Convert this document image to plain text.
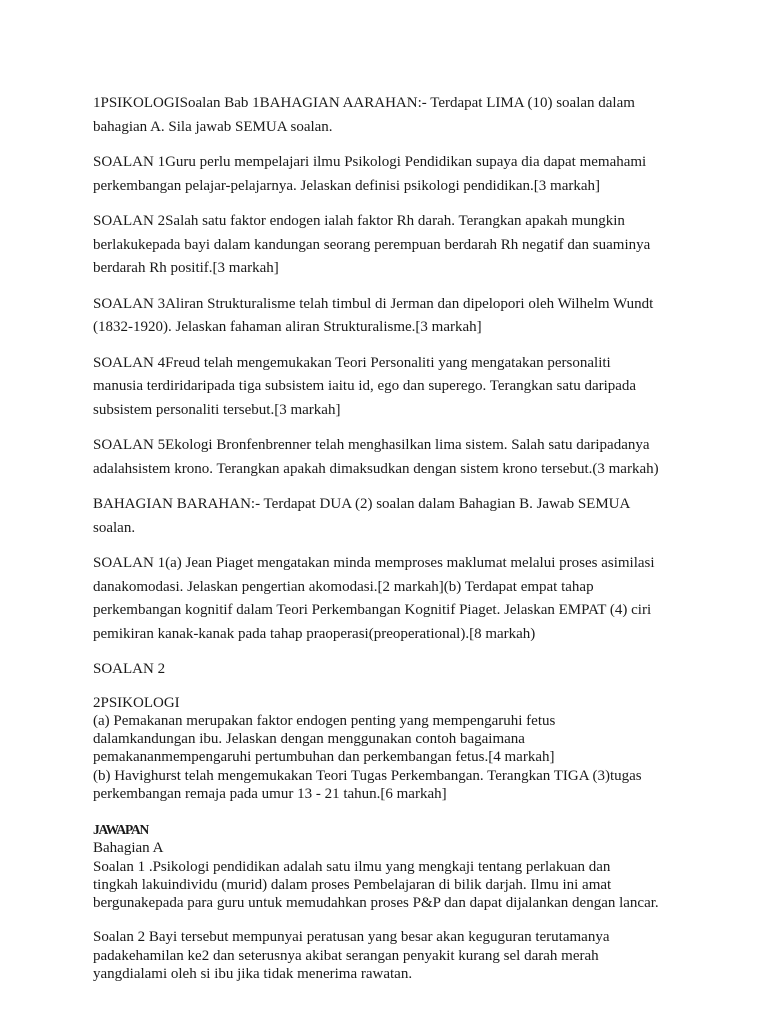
1PSIKOLOGISoalan Bab 1BAHAGIAN AARAHAN:- Terdapat LIMA (10) soalan dalam
bahagian A. Sila jawab SEMUA soalan.
SOALAN 1Guru perlu mempelajari ilmu Psikologi Pendidikan supaya dia dapat memahami
perkembangan pelajar-pelajarnya. Jelaskan definisi psikologi pendidikan.[3 markah]
SOALAN 2Salah satu faktor endogen ialah faktor Rh darah. Terangkan apakah mungkin
berlakukepada bayi dalam kandungan seorang perempuan berdarah Rh negatif dan suaminya
berdarah Rh positif.[3 markah]
SOALAN 3Aliran Strukturalisme telah timbul di Jerman dan dipelopori oleh Wilhelm Wundt
(1832-1920). Jelaskan fahaman aliran Strukturalisme.[3 markah]
SOALAN 4Freud telah mengemukakan Teori Personaliti yang mengatakan personaliti
manusia terdiridaripada tiga subsistem iaitu id, ego dan superego. Terangkan satu daripada
subsistem personaliti tersebut.[3 markah]
SOALAN 5Ekologi Bronfenbrenner telah menghasilkan lima sistem. Salah satu daripadanya
adalahsistem krono. Terangkan apakah dimaksudkan dengan sistem krono tersebut.(3 markah)
BAHAGIAN BARAHAN:- Terdapat DUA (2) soalan dalam Bahagian B. Jawab SEMUA
soalan.
SOALAN 1(a) Jean Piaget mengatakan minda memproses maklumat melalui proses asimilasi
danakomodasi. Jelaskan pengertian akomodasi.[2 markah](b) Terdapat empat tahap
perkembangan kognitif dalam Teori Perkembangan Kognitif Piaget. Jelaskan EMPAT (4) ciri
pemikiran kanak-kanak pada tahap praoperasi(preoperational).[8 markah)
SOALAN 2
2PSIKOLOGI
(a) Pemakanan merupakan faktor endogen penting yang mempengaruhi fetus
dalamkandungan ibu. Jelaskan dengan menggunakan contoh bagaimana
pemakananmempengaruhi pertumbuhan dan perkembangan fetus.[4 markah]
(b) Havighurst telah mengemukakan Teori Tugas Perkembangan. Terangkan TIGA (3)tugas
perkembangan remaja pada umur 13 - 21 tahun.[6 markah]
JAWAPAN
Bahagian A
Soalan 1 .Psikologi pendidikan adalah satu ilmu yang mengkaji tentang perlakuan dan
tingkah lakuindividu (murid) dalam proses Pembelajaran di bilik darjah. Ilmu ini amat
bergunakepada para guru untuk memudahkan proses P&P dan dapat dijalankan dengan lancar.
Soalan 2 Bayi tersebut mempunyai peratusan yang besar akan keguguran terutamanya
padakehamilan ke2 dan seterusnya akibat serangan penyakit kurang sel darah merah
yangdialami oleh si ibu jika tidak menerima rawatan.
